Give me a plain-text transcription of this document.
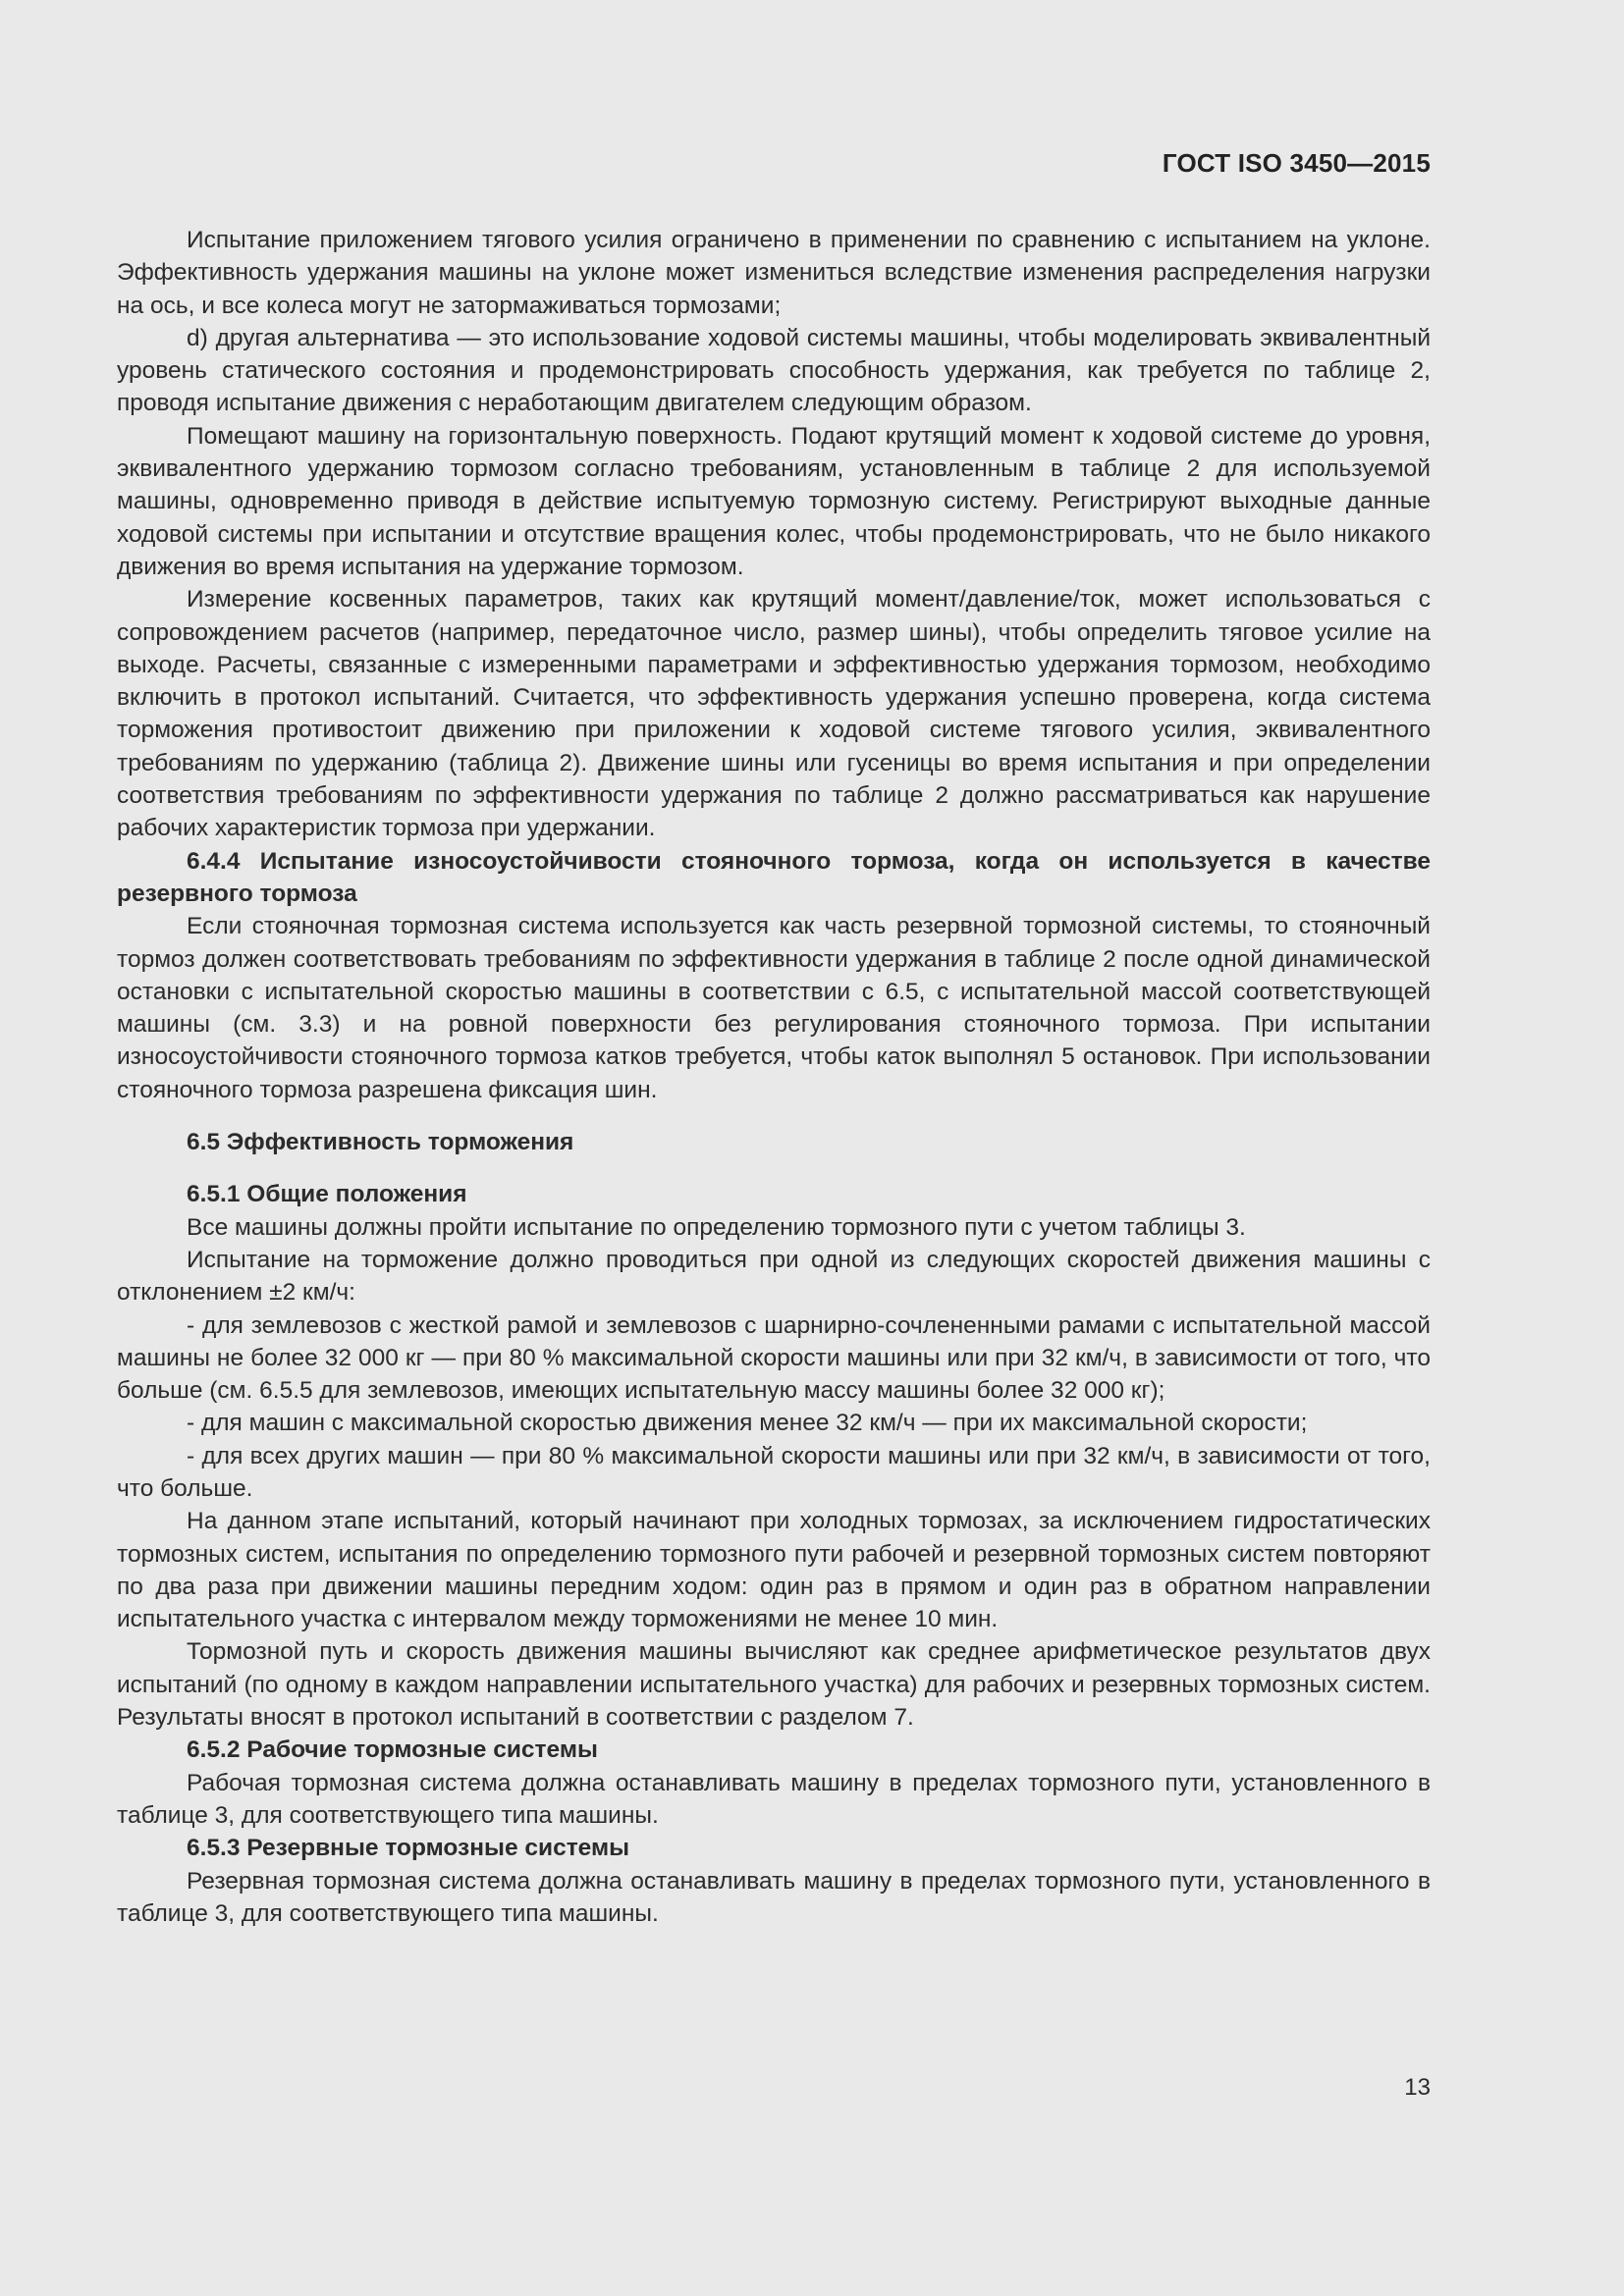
ГОСТ ISO 3450—2015

Испытание приложением тягового усилия ограничено в применении по сравнению с испытанием на уклоне. Эффективность удержания машины на уклоне может измениться вследствие изменения распределения нагрузки на ось, и все колеса могут не затормаживаться тормозами;

d) другая альтернатива — это использование ходовой системы машины, чтобы моделировать эквивалентный уровень статического состояния и продемонстрировать способность удержания, как требуется по таблице 2, проводя испытание движения с неработающим двигателем следующим образом.

Помещают машину на горизонтальную поверхность. Подают крутящий момент к ходовой системе до уровня, эквивалентного удержанию тормозом согласно требованиям, установленным в таблице 2 для используемой машины, одновременно приводя в действие испытуемую тормозную систему. Регистрируют выходные данные ходовой системы при испытании и отсутствие вращения колес, чтобы продемонстрировать, что не было никакого движения во время испытания на удержание тормозом.

Измерение косвенных параметров, таких как крутящий момент/давление/ток, может использоваться с сопровождением расчетов (например, передаточное число, размер шины), чтобы определить тяговое усилие на выходе. Расчеты, связанные с измеренными параметрами и эффективностью удержания тормозом, необходимо включить в протокол испытаний. Считается, что эффективность удержания успешно проверена, когда система торможения противостоит движению при приложении к ходовой системе тягового усилия, эквивалентного требованиям по удержанию (таблица 2). Движение шины или гусеницы во время испытания и при определении соответствия требованиям по эффективности удержания по таблице 2 должно рассматриваться как нарушение рабочих характеристик тормоза при удержании.

6.4.4 Испытание износоустойчивости стояночного тормоза, когда он используется в качестве резервного тормоза

Если стояночная тормозная система используется как часть резервной тормозной системы, то стояночный тормоз должен соответствовать требованиям по эффективности удержания в таблице 2 после одной динамической остановки с испытательной скоростью машины в соответствии с 6.5, с испытательной массой соответствующей машины (см. 3.3) и на ровной поверхности без регулирования стояночного тормоза. При испытании износоустойчивости стояночного тормоза катков требуется, чтобы каток выполнял 5 остановок. При использовании стояночного тормоза разрешена фиксация шин.

6.5 Эффективность торможения

6.5.1 Общие положения

Все машины должны пройти испытание по определению тормозного пути с учетом таблицы 3.

Испытание на торможение должно проводиться при одной из следующих скоростей движения машины с отклонением ±2 км/ч:

- для землевозов с жесткой рамой и землевозов с шарнирно-сочлененными рамами с испытательной массой машины не более 32 000 кг — при 80 % максимальной скорости машины или при 32 км/ч, в зависимости от того, что больше (см. 6.5.5 для землевозов, имеющих испытательную массу машины более 32 000 кг);

- для машин с максимальной скоростью движения менее 32 км/ч — при их максимальной скорости;

- для всех других машин — при 80 % максимальной скорости машины или при 32 км/ч, в зависимости от того, что больше.

На данном этапе испытаний, который начинают при холодных тормозах, за исключением гидростатических тормозных систем, испытания по определению тормозного пути рабочей и резервной тормозных систем повторяют по два раза при движении машины передним ходом: один раз в прямом и один раз в обратном направлении испытательного участка с интервалом между торможениями не менее 10 мин.

Тормозной путь и скорость движения машины вычисляют как среднее арифметическое результатов двух испытаний (по одному в каждом направлении испытательного участка) для рабочих и резервных тормозных систем. Результаты вносят в протокол испытаний в соответствии с разделом 7.

6.5.2 Рабочие тормозные системы

Рабочая тормозная система должна останавливать машину в пределах тормозного пути, установленного в таблице 3, для соответствующего типа машины.

6.5.3 Резервные тормозные системы

Резервная тормозная система должна останавливать машину в пределах тормозного пути, установленного в таблице 3, для соответствующего типа машины.

13
